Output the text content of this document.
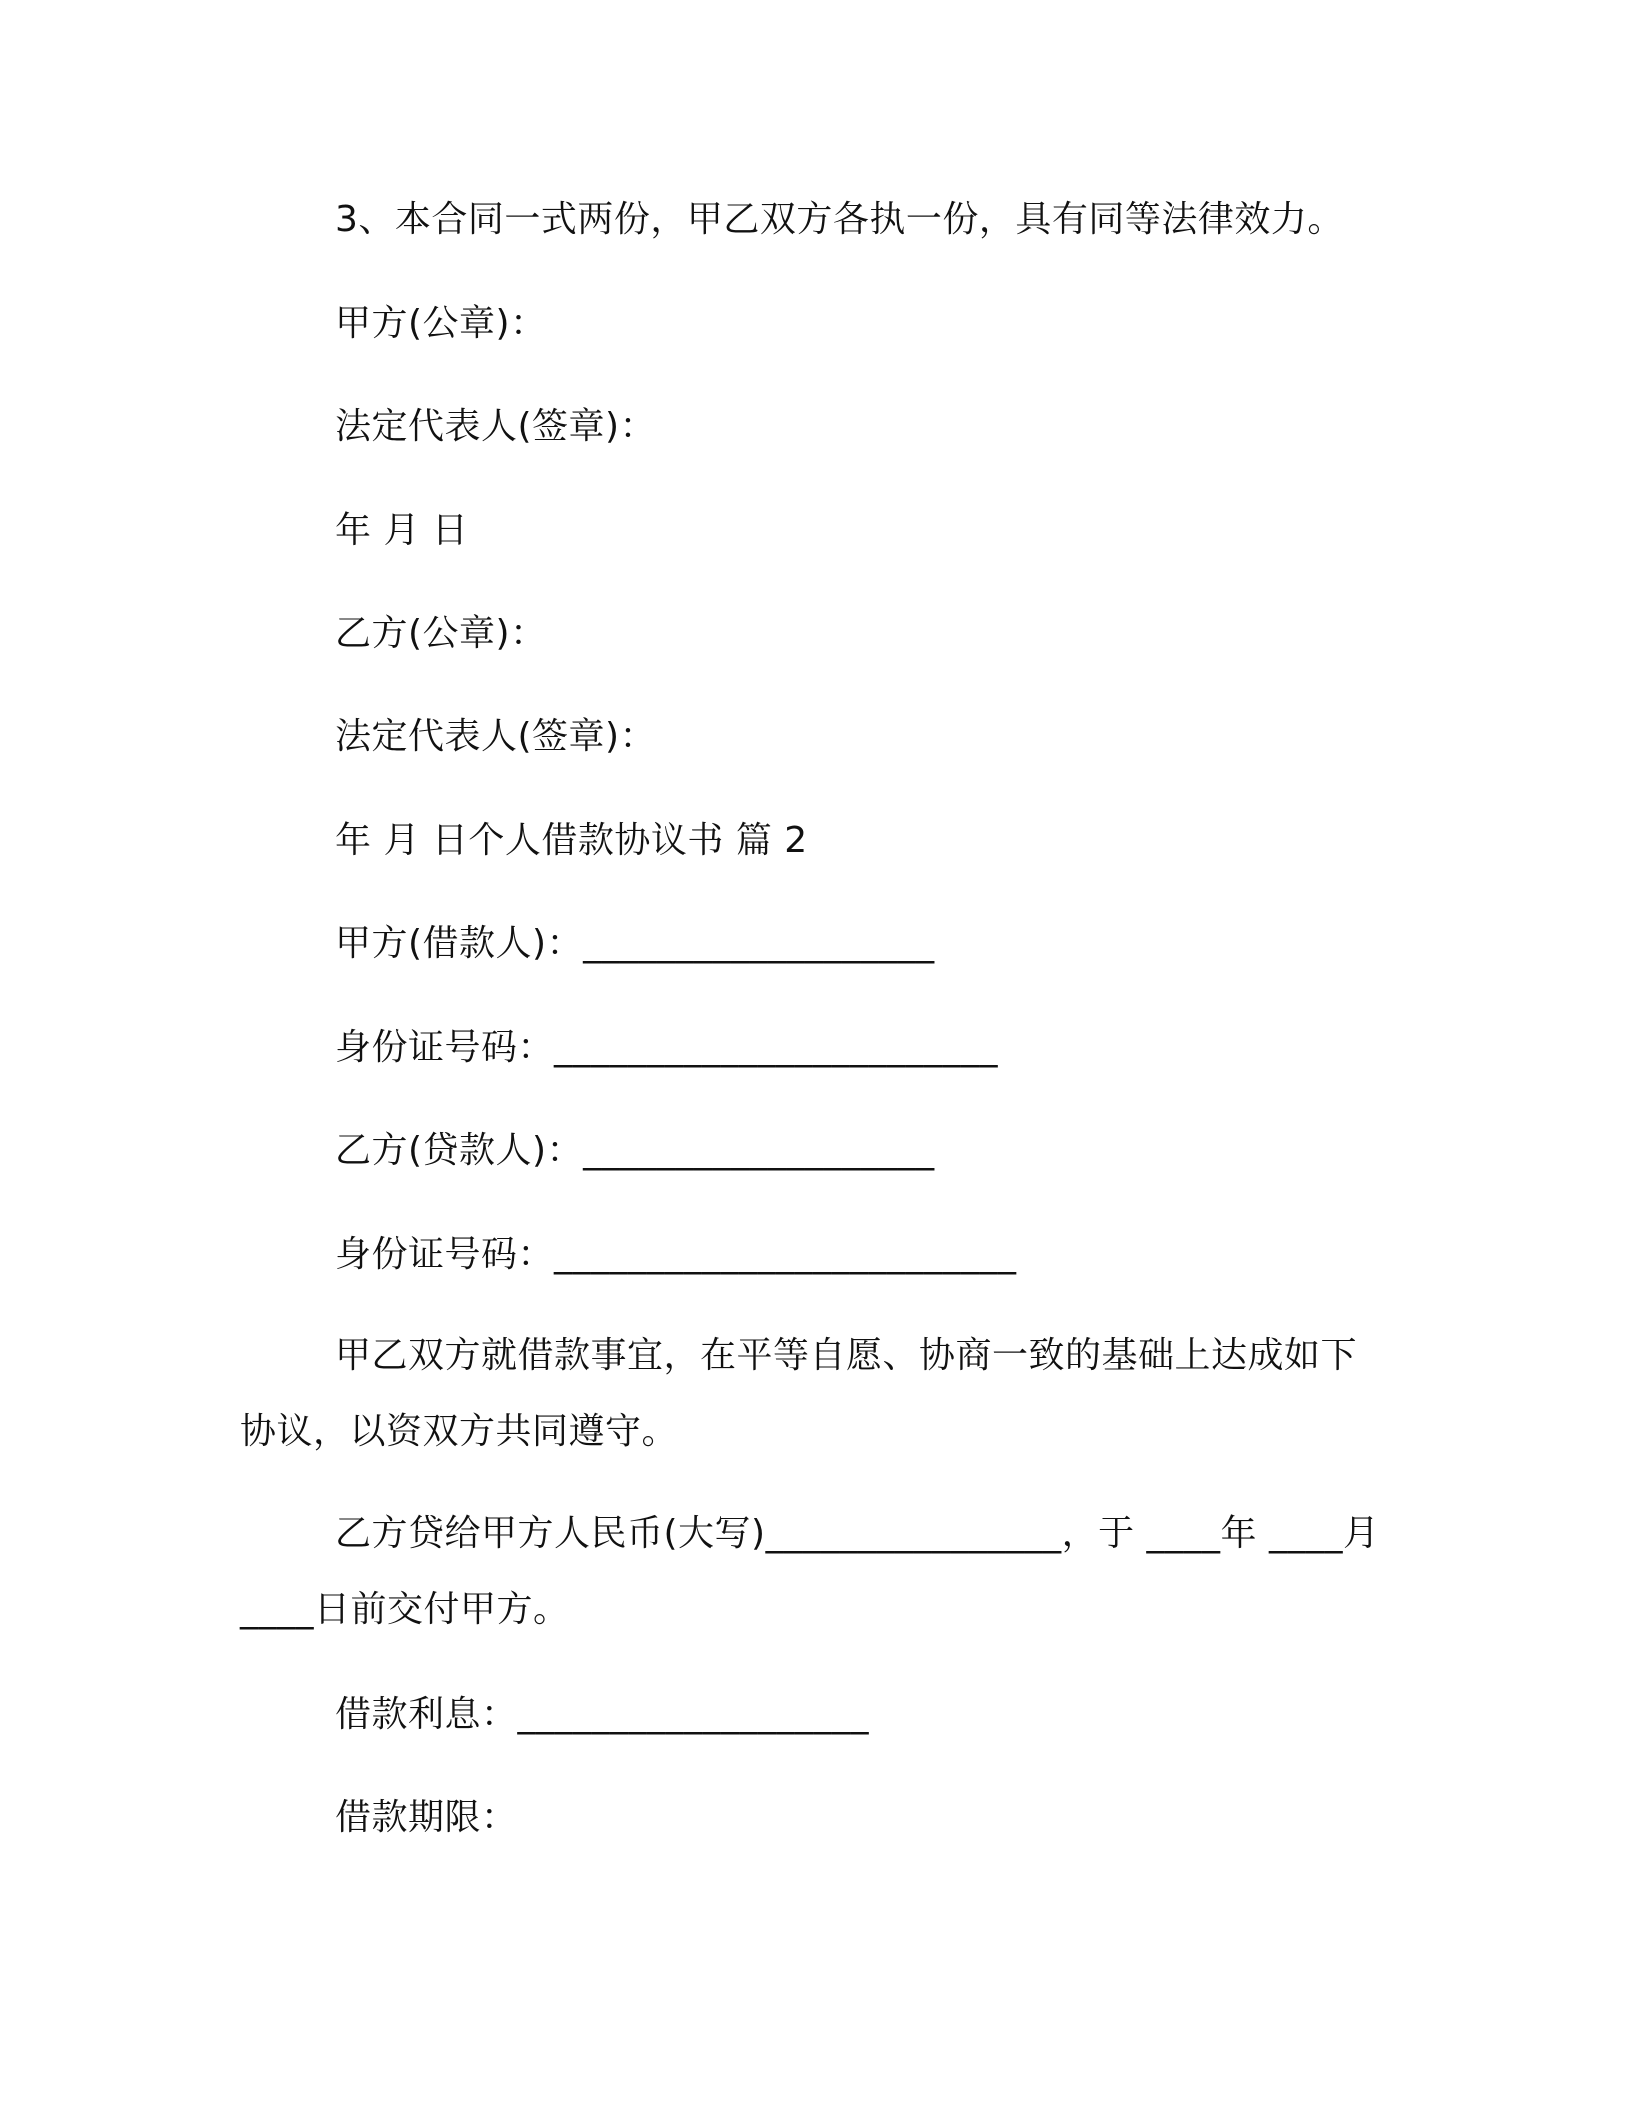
3、本合同一式两份，甲乙双方各执一份，具有同等法律效力。
甲方(公章)：
法定代表人(签章)：
年 月 日
乙方(公章)：
法定代表人(签章)：
年 月 日个人借款协议书 篇 2
甲方(借款人)：___________________
身份证号码：________________________
乙方(贷款人)：___________________
身份证号码：_________________________
甲乙双方就借款事宜，在平等自愿、协商一致的基础上达成如下协议，以资双方共同遵守。
乙方贷给甲方人民币(大写)________________，于 ____年 ____月 ____日前交付甲方。
借款利息：___________________
借款期限：
